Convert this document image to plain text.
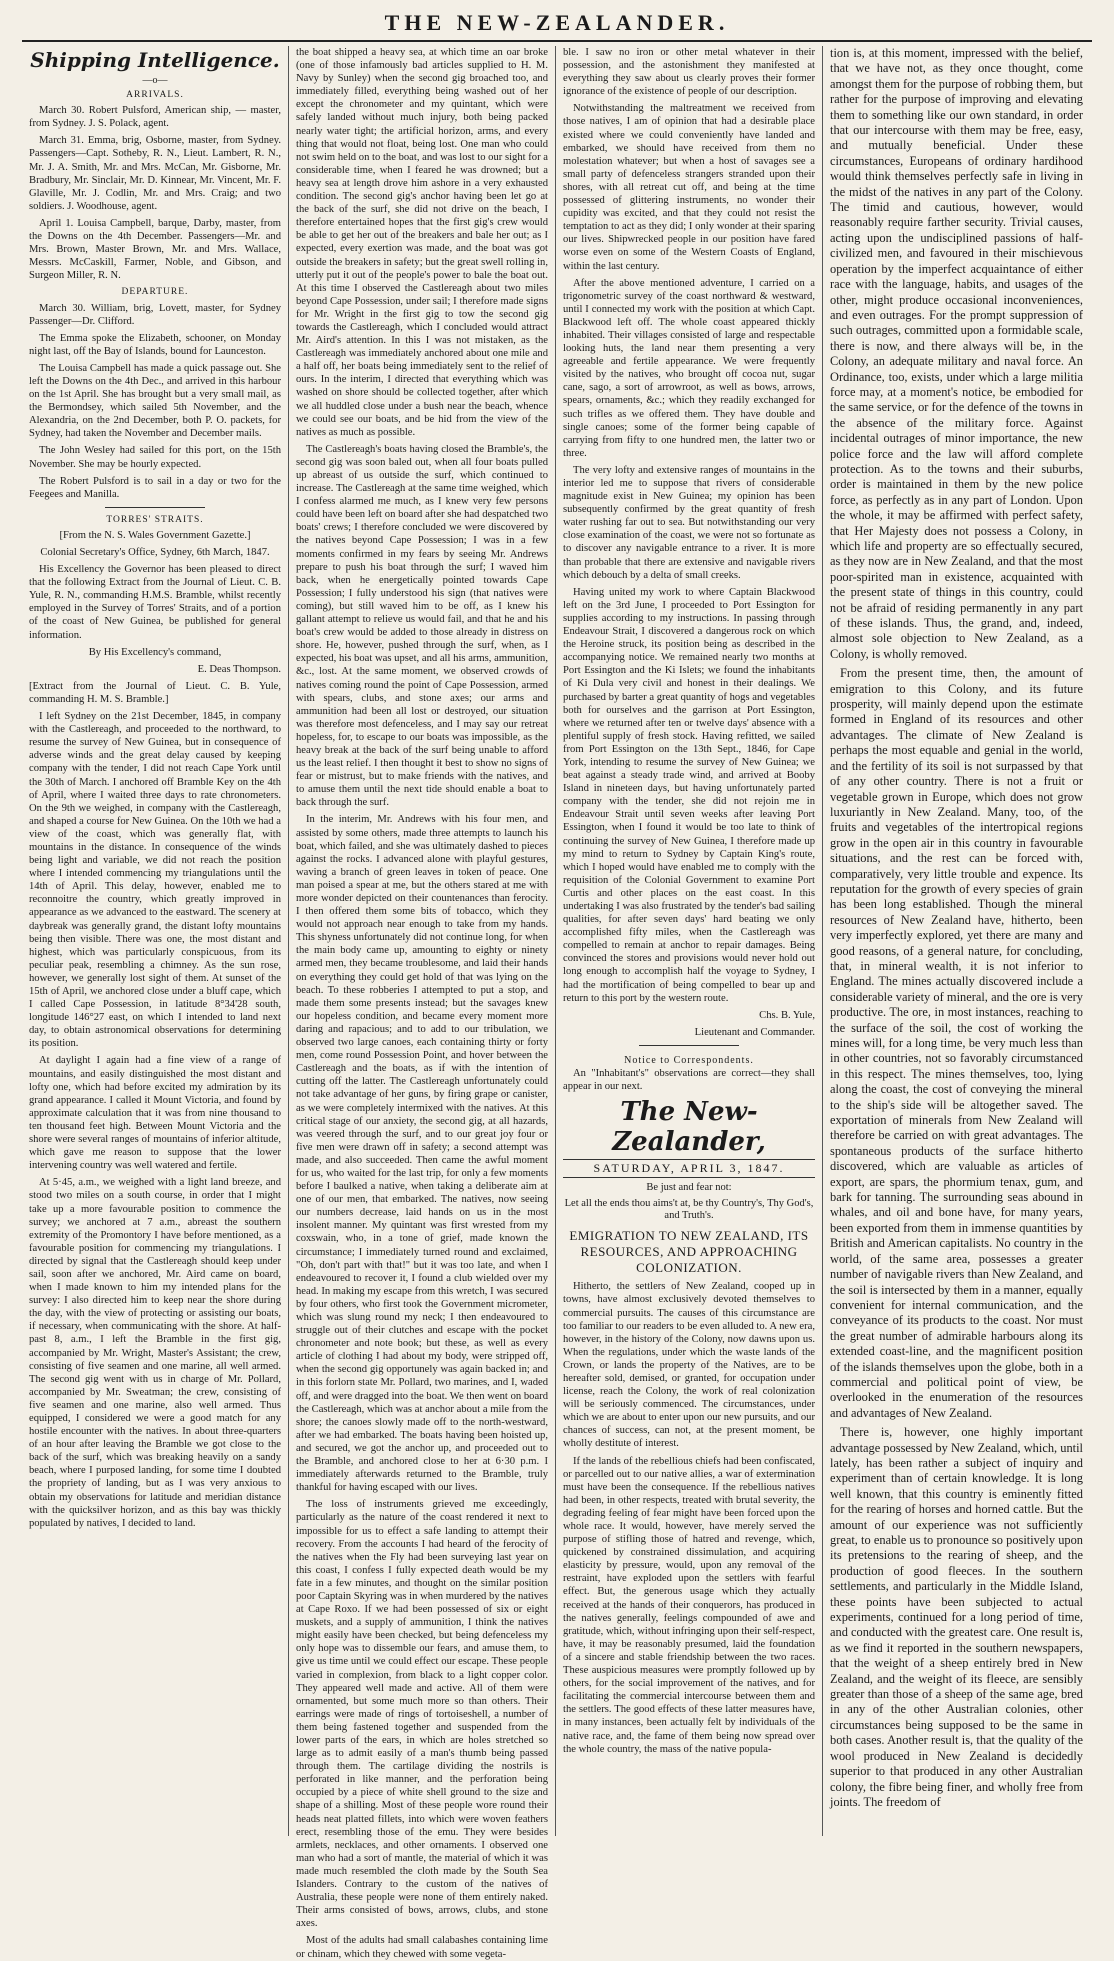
THE NEW-ZEALANDER.
Shipping Intelligence.
—o—
ARRIVALS.

March 30. Robert Pulsford, American ship, — master, from Sydney. J. S. Polack, agent.

March 31. Emma, brig, Osborne, master, from Sydney. Passengers—Capt. Sotheby, R. N., Lieut. Lambert, R. N., Mr. J. A. Smith, Mr. and Mrs. McCan, Mr. Gisborne, Mr. Bradbury, Mr. Sinclair, Mr. D. Kinnear, Mr. Vincent, Mr. F. Glaville, Mr. J. Codlin, Mr. and Mrs. Craig; and two soldiers. J. Woodhouse, agent.

April 1. Louisa Campbell, barque, Darby, master, from the Downs on the 4th December. Passengers—Mr. and Mrs. Brown, Master Brown, Mr. and Mrs. Wallace, Messrs. McCaskill, Farmer, Noble, and Gibson, and Surgeon Miller, R. N.

DEPARTURE.

March 30. William, brig, Lovett, master, for Sydney Passenger—Dr. Clifford.

The Emma spoke the Elizabeth, schooner, on Monday night last, off the Bay of Islands, bound for Launceston.

The Louisa Campbell has made a quick passage out. She left the Downs on the 4th Dec., and arrived in this harbour on the 1st April. She has brought but a very small mail, as the Bermondsey, which sailed 5th November, and the Alexandria, on the 2nd December, both P. O. packets, for Sydney, had taken the November and December mails.

The John Wesley had sailed for this port, on the 15th November. She may be hourly expected.

The Robert Pulsford is to sail in a day or two for the Feegees and Manilla.

TORRES' STRAITS.

[From the N. S. Wales Government Gazette.]

Colonial Secretary's Office, Sydney, 6th March, 1847.

His Excellency the Governor has been pleased to direct that the following Extract from the Journal of Lieut. C. B. Yule, R. N., commanding H.M.S. Bramble, whilst recently employed in the Survey of Torres' Straits, and of a portion of the coast of New Guinea, be published for general information.

By His Excellency's command,

E. Deas Thompson.

[Extract from the Journal of Lieut. C. B. Yule, commanding H. M. S. Bramble.]

I left Sydney on the 21st December, 1845, in company with the Castlereagh, and proceeded to the northward, to resume the survey of New Guinea, but in consequence of adverse winds and the great delay caused by keeping company with the tender, I did not reach Cape York until the 30th of March. I anchored off Bramble Key on the 4th of April, where I waited three days to rate chronometers. On the 9th we weighed, in company with the Castlereagh, and shaped a course for New Guinea. On the 10th we had a view of the coast, which was generally flat, with mountains in the distance. In consequence of the winds being light and variable, we did not reach the position where I intended commencing my triangulations until the 14th of April. This delay, however, enabled me to reconnoitre the country, which greatly improved in appearance as we advanced to the eastward. The scenery at daybreak was generally grand, the distant lofty mountains being then visible. There was one, the most distant and highest, which was particularly conspicuous, from its peculiar peak, resembling a chimney. As the sun rose, however, we generally lost sight of them. At sunset of the 15th of April, we anchored close under a bluff cape, which I called Cape Possession, in latitude 8°34'28 south, longitude 146°27 east, on which I intended to land next day, to obtain astronomical observations for determining its position.

At daylight I again had a fine view of a range of mountains, and easily distinguished the most distant and lofty one, which had before excited my admiration by its grand appearance. I called it Mount Victoria, and found by approximate calculation that it was from nine thousand to ten thousand feet high. Between Mount Victoria and the shore were several ranges of mountains of inferior altitude, which gave me reason to suppose that the lower intervening country was well watered and fertile.

At 5·45, a.m., we weighed with a light land breeze, and stood two miles on a south course, in order that I might take up a more favourable position to commence the survey; we anchored at 7 a.m., abreast the southern extremity of the Promontory I have before mentioned, as a favourable position for commencing my triangulations. I directed by signal that the Castlereagh should keep under sail, soon after we anchored, Mr. Aird came on board, when I made known to him my intended plans for the survey: I also directed him to keep near the shore during the day, with the view of protecting or assisting our boats, if necessary, when communicating with the shore. At half-past 8, a.m., I left the Bramble in the first gig, accompanied by Mr. Wright, Master's Assistant; the crew, consisting of five seamen and one marine, all well armed. The second gig went with us in charge of Mr. Pollard, accompanied by Mr. Sweatman; the crew, consisting of five seamen and one marine, also well armed. Thus equipped, I considered we were a good match for any hostile encounter with the natives. In about three-quarters of an hour after leaving the Bramble we got close to the back of the surf, which was breaking heavily on a sandy beach, where I purposed landing, for some time I doubted the propriety of landing, but as I was very anxious to obtain my observations for latitude and meridian distance with the quicksilver horizon, and as this bay was thickly populated by natives, I decided to land.

the boat shipped a heavy sea, at which time an oar broke (one of those infamously bad articles supplied to H. M. Navy by Sunley) when the second gig broached too, and immediately filled, everything being washed out of her except the chronometer and my quintant, which were safely landed without much injury, both being packed nearly water tight; the artificial horizon, arms, and every thing that would not float, being lost. One man who could not swim held on to the boat, and was lost to our sight for a considerable time, when I feared he was drowned; but a heavy sea at length drove him ashore in a very exhausted condition. The second gig's anchor having been let go at the back of the surf, she did not drive on the beach, I therefore entertained hopes that the first gig's crew would be able to get her out of the breakers and bale her out; as I expected, every exertion was made, and the boat was got outside the breakers in safety; but the great swell rolling in, utterly put it out of the people's power to bale the boat out. At this time I observed the Castlereagh about two miles beyond Cape Possession, under sail; I therefore made signs for Mr. Wright in the first gig to tow the second gig towards the Castlereagh, which I concluded would attract Mr. Aird's attention. In this I was not mistaken, as the Castlereagh was immediately anchored about one mile and a half off, her boats being immediately sent to the relief of ours. In the interim, I directed that everything which was washed on shore should be collected together, after which we all huddled close under a bush near the beach, whence we could see our boats, and be hid from the view of the natives as much as possible.

The Castlereagh's boats having closed the Bramble's, the second gig was soon baled out, when all four boats pulled up abreast of us outside the surf, which continued to increase. The Castlereagh at the same time weighed, which I confess alarmed me much, as I knew very few persons could have been left on board after she had despatched two boats' crews; I therefore concluded we were discovered by the natives beyond Cape Possession; I was in a few moments confirmed in my fears by seeing Mr. Andrews prepare to push his boat through the surf; I waved him back, when he energetically pointed towards Cape Possession; I fully understood his sign (that natives were coming), but still waved him to be off, as I knew his gallant attempt to relieve us would fail, and that he and his boat's crew would be added to those already in distress on shore. He, however, pushed through the surf, when, as I expected, his boat was upset, and all his arms, ammunition, &c., lost. At the same moment, we observed crowds of natives coming round the point of Cape Possession, armed with spears, clubs, and stone axes; our arms and ammunition had been all lost or destroyed, our situation was therefore most defenceless, and I may say our retreat hopeless, for, to escape to our boats was impossible, as the heavy break at the back of the surf being unable to afford us the least relief. I then thought it best to show no signs of fear or mistrust, but to make friends with the natives, and to amuse them until the next tide should enable a boat to back through the surf.

In the interim, Mr. Andrews with his four men, and assisted by some others, made three attempts to launch his boat, which failed, and she was ultimately dashed to pieces against the rocks. I advanced alone with playful gestures, waving a branch of green leaves in token of peace. One man poised a spear at me, but the others stared at me with more wonder depicted on their countenances than ferocity. I then offered them some bits of tobacco, which they would not approach near enough to take from my hands. This shyness unfortunately did not continue long, for when the main body came up, amounting to eighty or ninety armed men, they became troublesome, and laid their hands on everything they could get hold of that was lying on the beach. To these robberies I attempted to put a stop, and made them some presents instead; but the savages knew our hopeless condition, and became every moment more daring and rapacious; and to add to our tribulation, we observed two large canoes, each containing thirty or forty men, come round Possession Point, and hover between the Castlereagh and the boats, as if with the intention of cutting off the latter. The Castlereagh unfortunately could not take advantage of her guns, by firing grape or canister, as we were completely intermixed with the natives. At this critical stage of our anxiety, the second gig, at all hazards, was veered through the surf, and to our great joy four or five men were drawn off in safety; a second attempt was made, and also succeeded. Then came the awful moment for us, who waited for the last trip, for only a few moments before I baulked a native, when taking a deliberate aim at one of our men, that embarked. The natives, now seeing our numbers decrease, laid hands on us in the most insolent manner. My quintant was first wrested from my coxswain, who, in a tone of grief, made known the circumstance; I immediately turned round and exclaimed, "Oh, don't part with that!" but it was too late, and when I endeavoured to recover it, I found a club wielded over my head. In making my escape from this wretch, I was secured by four others, who first took the Government micrometer, which was slung round my neck; I then endeavoured to struggle out of their clutches and escape with the pocket chronometer and note book; but these, as well as every article of clothing I had about my body, were stripped off, when the second gig opportunely was again backed in; and in this forlorn state Mr. Pollard, two marines, and I, waded off, and were dragged into the boat. We then went on board the Castlereagh, which was at anchor about a mile from the shore; the canoes slowly made off to the north-westward, after we had embarked. The boats having been hoisted up, and secured, we got the anchor up, and proceeded out to the Bramble, and anchored close to her at 6·30 p.m. I immediately afterwards returned to the Bramble, truly thankful for having escaped with our lives.

The loss of instruments grieved me exceedingly, particularly as the nature of the coast rendered it next to impossible for us to effect a safe landing to attempt their recovery. From the accounts I had heard of the ferocity of the natives when the Fly had been surveying last year on this coast, I confess I fully expected death would be my fate in a few minutes, and thought on the similar position poor Captain Skyring was in when murdered by the natives at Cape Roxo. If we had been possessed of six or eight muskets, and a supply of ammunition, I think the natives might easily have been checked, but being defenceless my only hope was to dissemble our fears, and amuse them, to give us time until we could effect our escape. These people varied in complexion, from black to a light copper color. They appeared well made and active. All of them were ornamented, but some much more so than others. Their earrings were made of rings of tortoiseshell, a number of them being fastened together and suspended from the lower parts of the ears, in which are holes stretched so large as to admit easily of a man's thumb being passed through them. The cartilage dividing the nostrils is perforated in like manner, and the perforation being occupied by a piece of white shell ground to the size and shape of a shilling. Most of these people wore round their heads neat platted fillets, into which were woven feathers erect, resembling those of the emu. They were besides armlets, necklaces, and other ornaments. I observed one man who had a sort of mantle, the material of which it was made much resembled the cloth made by the South Sea Islanders. Contrary to the custom of the natives of Australia, these people were none of them entirely naked. Their arms consisted of bows, arrows, clubs, and stone axes.

Most of the adults had small calabashes containing lime or chinam, which they chewed with some vegeta-

ble. I saw no iron or other metal whatever in their possession, and the astonishment they manifested at everything they saw about us clearly proves their former ignorance of the existence of people of our description.

Notwithstanding the maltreatment we received from those natives, I am of opinion that had a desirable place existed where we could conveniently have landed and embarked, we should have received from them no molestation whatever; but when a host of savages see a small party of defenceless strangers stranded upon their shores, with all retreat cut off, and being at the time possessed of glittering instruments, no wonder their cupidity was excited, and that they could not resist the temptation to act as they did; I only wonder at their sparing our lives. Shipwrecked people in our position have fared worse even on some of the Western Coasts of England, within the last century.

After the above mentioned adventure, I carried on a trigonometric survey of the coast northward & westward, until I connected my work with the position at which Capt. Blackwood left off. The whole coast appeared thickly inhabited. Their villages consisted of large and respectable looking huts, the land near them presenting a very agreeable and fertile appearance. We were frequently visited by the natives, who brought off cocoa nut, sugar cane, sago, a sort of arrowroot, as well as bows, arrows, spears, ornaments, &c.; which they readily exchanged for such trifles as we offered them. They have double and single canoes; some of the former being capable of carrying from fifty to one hundred men, the latter two or three.

The very lofty and extensive ranges of mountains in the interior led me to suppose that rivers of considerable magnitude exist in New Guinea; my opinion has been subsequently confirmed by the great quantity of fresh water rushing far out to sea. But notwithstanding our very close examination of the coast, we were not so fortunate as to discover any navigable entrance to a river. It is more than probable that there are extensive and navigable rivers which debouch by a delta of small creeks.

Having united my work to where Captain Blackwood left on the 3rd June, I proceeded to Port Essington for supplies according to my instructions. In passing through Endeavour Strait, I discovered a dangerous rock on which the Heroine struck, its position being as described in the accompanying notice. We remained nearly two months at Port Essington and the Ki Islets; we found the inhabitants of Ki Dula very civil and honest in their dealings. We purchased by barter a great quantity of hogs and vegetables both for ourselves and the garrison at Port Essington, where we returned after ten or twelve days' absence with a plentiful supply of fresh stock. Having refitted, we sailed from Port Essington on the 13th Sept., 1846, for Cape York, intending to resume the survey of New Guinea; we beat against a steady trade wind, and arrived at Booby Island in nineteen days, but having unfortunately parted company with the tender, she did not rejoin me in Endeavour Strait until seven weeks after leaving Port Essington, when I found it would be too late to think of continuing the survey of New Guinea, I therefore made up my mind to return to Sydney by Captain King's route, which I hoped would have enabled me to comply with the requisition of the Colonial Government to examine Port Curtis and other places on the east coast. In this undertaking I was also frustrated by the tender's bad sailing qualities, for after seven days' hard beating we only accomplished fifty miles, when the Castlereagh was compelled to remain at anchor to repair damages. Being convinced the stores and provisions would never hold out long enough to accomplish half the voyage to Sydney, I had the mortification of being compelled to bear up and return to this port by the western route.

Chs. B. Yule,

Lieutenant and Commander.

Notice to Correspondents.

An "Inhabitant's" observations are correct—they shall appear in our next.

The New-Zealander,
SATURDAY, APRIL 3, 1847.
Be just and fear not:
Let all the ends thou aims't at, be thy Country's, Thy God's, and Truth's.
EMIGRATION TO NEW ZEALAND, ITS RESOURCES, AND APPROACHING COLONIZATION.

Hitherto, the settlers of New Zealand, cooped up in towns, have almost exclusively devoted themselves to commercial pursuits. The causes of this circumstance are too familiar to our readers to be even alluded to. A new era, however, in the history of the Colony, now dawns upon us. When the regulations, under which the waste lands of the Crown, or lands the property of the Natives, are to be hereafter sold, demised, or granted, for occupation under license, reach the Colony, the work of real colonization will be seriously commenced. The circumstances, under which we are about to enter upon our new pursuits, and our chances of success, can not, at the present moment, be wholly destitute of interest.

If the lands of the rebellious chiefs had been confiscated, or parcelled out to our native allies, a war of extermination must have been the consequence. If the rebellious natives had been, in other respects, treated with brutal severity, the degrading feeling of fear might have been forced upon the whole race. It would, however, have merely served the purpose of stifling those of hatred and revenge, which, quickened by constrained dissimulation, and acquiring elasticity by pressure, would, upon any removal of the restraint, have exploded upon the settlers with fearful effect. But, the generous usage which they actually received at the hands of their conquerors, has produced in the natives generally, feelings compounded of awe and gratitude, which, without infringing upon their self-respect, have, it may be reasonably presumed, laid the foundation of a sincere and stable friendship between the two races. These auspicious measures were promptly followed up by others, for the social improvement of the natives, and for facilitating the commercial intercourse between them and the settlers. The good effects of these latter measures have, in many instances, been actually felt by individuals of the native race, and, the fame of them being now spread over the whole country, the mass of the native popula-

tion is, at this moment, impressed with the belief, that we have not, as they once thought, come amongst them for the purpose of robbing them, but rather for the purpose of improving and elevating them to something like our own standard, in order that our intercourse with them may be free, easy, and mutually beneficial. Under these circumstances, Europeans of ordinary hardihood would think themselves perfectly safe in living in the midst of the natives in any part of the Colony. The timid and cautious, however, would reasonably require farther security. Trivial causes, acting upon the undisciplined passions of half-civilized men, and favoured in their mischievous operation by the imperfect acquaintance of either race with the language, habits, and usages of the other, might produce occasional inconveniences, and even outrages. For the prompt suppression of such outrages, committed upon a formidable scale, there is now, and there always will be, in the Colony, an adequate military and naval force. An Ordinance, too, exists, under which a large militia force may, at a moment's notice, be embodied for the same service, or for the defence of the towns in the absence of the military force. Against incidental outrages of minor importance, the new police force and the law will afford complete protection. As to the towns and their suburbs, order is maintained in them by the new police force, as perfectly as in any part of London. Upon the whole, it may be affirmed with perfect safety, that Her Majesty does not possess a Colony, in which life and property are so effectually secured, as they now are in New Zealand, and that the most poor-spirited man in existence, acquainted with the present state of things in this country, could not be afraid of residing permanently in any part of these islands. Thus, the grand, and, indeed, almost sole objection to New Zealand, as a Colony, is wholly removed.

From the present time, then, the amount of emigration to this Colony, and its future prosperity, will mainly depend upon the estimate formed in England of its resources and other advantages. The climate of New Zealand is perhaps the most equable and genial in the world, and the fertility of its soil is not surpassed by that of any other country. There is not a fruit or vegetable grown in Europe, which does not grow luxuriantly in New Zealand. Many, too, of the fruits and vegetables of the intertropical regions grow in the open air in this country in favourable situations, and the rest can be forced with, comparatively, very little trouble and expence. Its reputation for the growth of every species of grain has been long established. Though the mineral resources of New Zealand have, hitherto, been very imperfectly explored, yet there are many and good reasons, of a general nature, for concluding, that, in mineral wealth, it is not inferior to England. The mines actually discovered include a considerable variety of mineral, and the ore is very productive. The ore, in most instances, reaching to the surface of the soil, the cost of working the mines will, for a long time, be very much less than in other countries, not so favorably circumstanced in this respect. The mines themselves, too, lying along the coast, the cost of conveying the mineral to the ship's side will be altogether saved. The exportation of minerals from New Zealand will therefore be carried on with great advantages. The spontaneous products of the surface hitherto discovered, which are valuable as articles of export, are spars, the phormium tenax, gum, and bark for tanning. The surrounding seas abound in whales, and oil and bone have, for many years, been exported from them in immense quantities by British and American capitalists. No country in the world, of the same area, possesses a greater number of navigable rivers than New Zealand, and the soil is intersected by them in a manner, equally convenient for internal communication, and the conveyance of its products to the coast. Nor must the great number of admirable harbours along its extended coast-line, and the magnificent position of the islands themselves upon the globe, both in a commercial and political point of view, be overlooked in the enumeration of the resources and advantages of New Zealand.

There is, however, one highly important advantage possessed by New Zealand, which, until lately, has been rather a subject of inquiry and experiment than of certain knowledge. It is long well known, that this country is eminently fitted for the rearing of horses and horned cattle. But the amount of our experience was not sufficiently great, to enable us to pronounce so positively upon its pretensions to the rearing of sheep, and the production of good fleeces. In the southern settlements, and particularly in the Middle Island, these points have been subjected to actual experiments, continued for a long period of time, and conducted with the greatest care. One result is, as we find it reported in the southern newspapers, that the weight of a sheep entirely bred in New Zealand, and the weight of its fleece, are sensibly greater than those of a sheep of the same age, bred in any of the other Australian colonies, other circumstances being supposed to be the same in both cases. Another result is, that the quality of the wool produced in New Zealand is decidedly superior to that produced in any other Australian colony, the fibre being finer, and wholly free from joints. The freedom of
